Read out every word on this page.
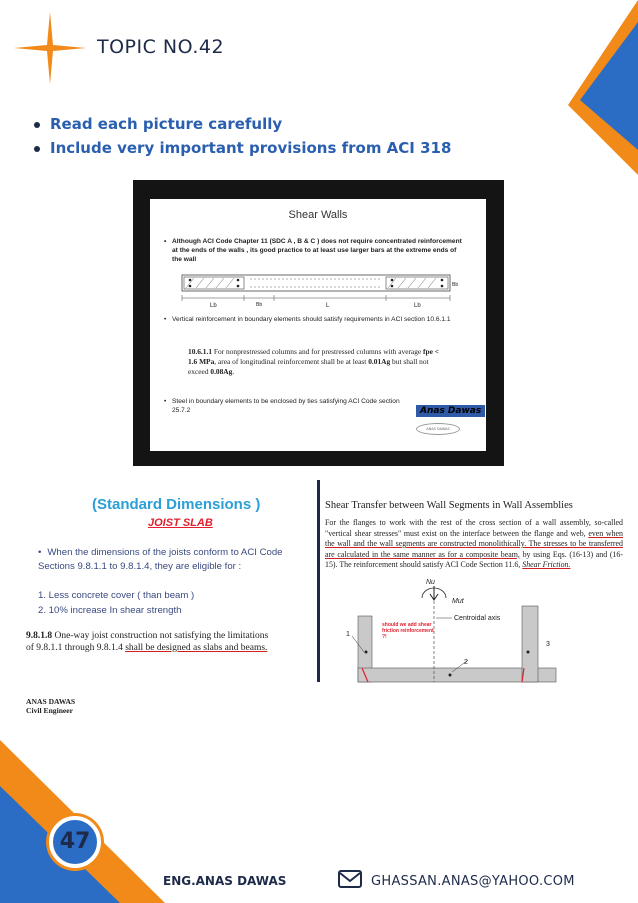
TOPIC NO.42
Read each picture carefully
Include very important provisions from ACI 318
Shear Walls
• Although ACI Code Chapter 11 (SDC A , B & C ) does not require concentrated reinforcement at the ends of the walls , its good practice to at least use larger bars at the extreme ends of the wall
Lb	Bb	L	Lb
Bb
• Vertical reinforcement in boundary elements should satisfy requirements in ACI section 10.6.1.1
10.6.1.1 For nonprestressed columns and for prestressed columns with average fpe < 1.6 MPa, area of longitudinal reinforcement shall be at least 0.01Ag but shall not exceed 0.08Ag.
• Steel in boundary elements to be enclosed by ties satisfying ACI Code section 25.7.2	Anas Dawas
ANAS DAWAS
(Standard Dimensions )
JOIST SLAB
• When the dimensions of the joists conform to ACI Code Sections 9.8.1.1 to 9.8.1.4, they are eligible for :
1. Less concrete cover ( than beam )
2. 10% increase In shear strength
9.8.1.8 One-way joist construction not satisfying the limitations of 9.8.1.1 through 9.8.1.4 shall be designed as slabs and beams.
ANAS DAWAS
Civil Engineer
Shear Transfer between Wall Segments in Wall Assemblies
For the flanges to work with the rest of the cross section of a wall assembly, so-called "vertical shear stresses" must exist on the interface between the flange and web, even when the wall and the wall segments are constructed monolithically. The stresses to be transferred are calculated in the same manner as for a composite beam, by using Eqs. (16-13) and (16-15). The reinforcement should satisfy ACI Code Section 11.6, Shear Friction.
Nu
Mut
Centroidal axis
should we add shear friction reinforcement ?!
1
2
3
47
ENG.ANAS DAWAS	GHASSAN.ANAS@YAHOO.COM
